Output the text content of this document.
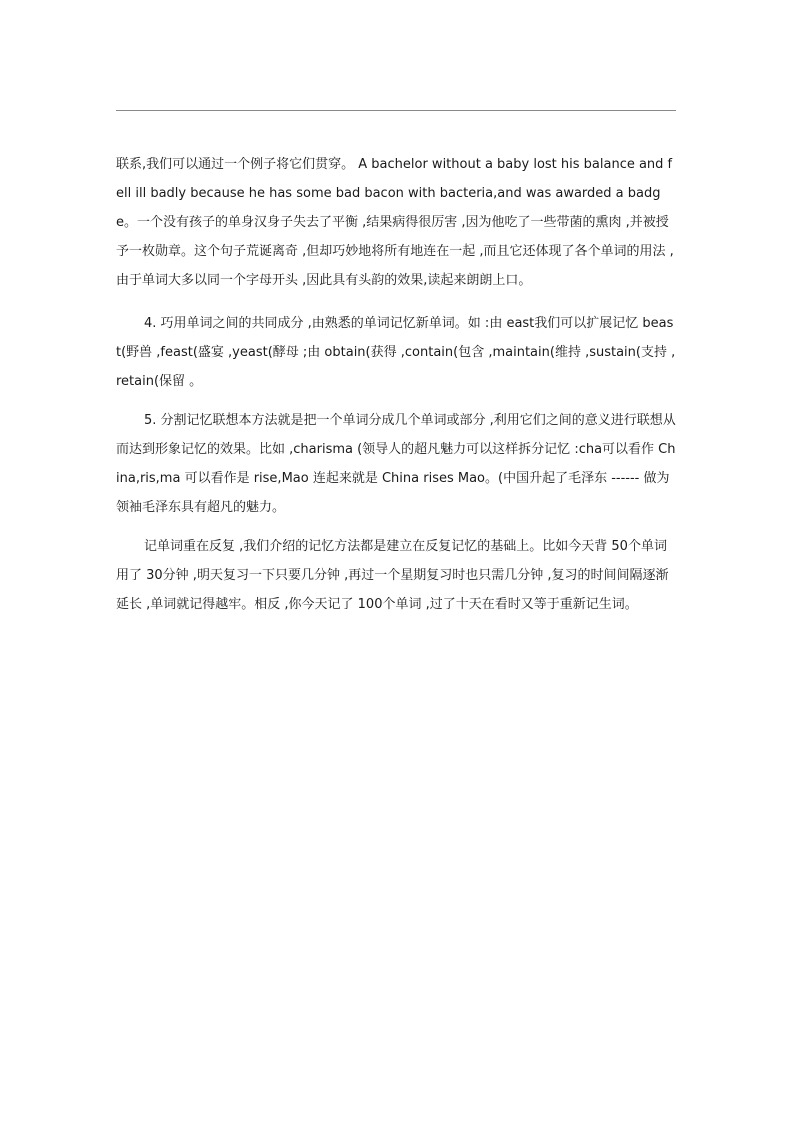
联系,我们可以通过一个例子将它们贯穿。 A bachelor without a baby lost his balance and fell ill badly because he has some bad bacon with bacteria,and was awarded a badge。一个没有孩子的单身汉身子失去了平衡 ,结果病得很厉害 ,因为他吃了一些带菌的熏肉 ,并被授予一枚勋章。这个句子荒诞离奇 ,但却巧妙地将所有地连在一起 ,而且它还体现了各个单词的用法 ,由于单词大多以同一个字母开头 ,因此具有头韵的效果,读起来朗朗上口。

4. 巧用单词之间的共同成分 ,由熟悉的单词记忆新单词。如 :由 east我们可以扩展记忆 beast(野兽 ,feast(盛宴 ,yeast(酵母 ;由 obtain(获得 ,contain(包含 ,maintain(维持 ,sustain(支持 ,retain(保留 。

5. 分割记忆联想本方法就是把一个单词分成几个单词或部分 ,利用它们之间的意义进行联想从而达到形象记忆的效果。比如 ,charisma (领导人的超凡魅力可以这样拆分记忆 :cha可以看作 China,ris,ma 可以看作是 rise,Mao 连起来就是 China rises Mao。(中国升起了毛泽东 ------ 做为领袖毛泽东具有超凡的魅力。

记单词重在反复 ,我们介绍的记忆方法都是建立在反复记忆的基础上。比如今天背 50个单词用了 30分钟 ,明天复习一下只要几分钟 ,再过一个星期复习时也只需几分钟 ,复习的时间间隔逐渐延长 ,单词就记得越牢。相反 ,你今天记了 100个单词 ,过了十天在看时又等于重新记生词。
